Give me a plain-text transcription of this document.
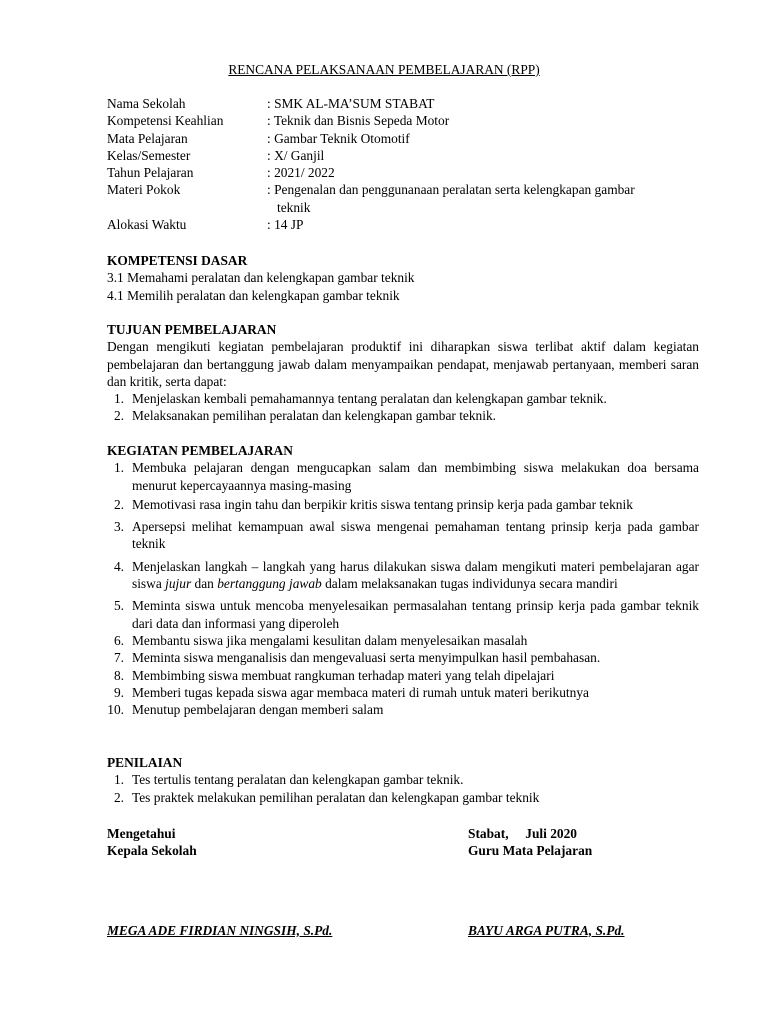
RENCANA PELAKSANAAN PEMBELAJARAN (RPP)
Nama Sekolah	: SMK AL-MA’SUM STABAT
Kompetensi Keahlian	: Teknik dan Bisnis Sepeda Motor
Mata Pelajaran	: Gambar Teknik Otomotif
Kelas/Semester	: X/ Ganjil
Tahun Pelajaran	: 2021/ 2022
Materi Pokok	: Pengenalan dan penggunanaan peralatan serta kelengkapan gambar
teknik
Alokasi Waktu	: 14 JP
KOMPETENSI DASAR
3.1 Memahami peralatan dan kelengkapan gambar teknik
4.1 Memilih peralatan dan kelengkapan gambar teknik
TUJUAN PEMBELAJARAN
Dengan mengikuti kegiatan pembelajaran produktif ini diharapkan siswa terlibat aktif dalam kegiatan pembelajaran dan bertanggung jawab dalam menyampaikan pendapat, menjawab pertanyaan, memberi saran dan kritik, serta dapat:
1. Menjelaskan kembali pemahamannya tentang peralatan dan kelengkapan gambar teknik.
2. Melaksanakan pemilihan peralatan dan kelengkapan gambar teknik.
KEGIATAN PEMBELAJARAN
1. Membuka pelajaran dengan mengucapkan salam dan membimbing siswa melakukan doa bersama menurut kepercayaannya masing-masing
2. Memotivasi rasa ingin tahu dan berpikir kritis siswa tentang prinsip kerja pada gambar teknik
3. Apersepsi melihat kemampuan awal siswa mengenai pemahaman tentang prinsip kerja pada gambar teknik
4. Menjelaskan langkah – langkah yang harus dilakukan siswa dalam mengikuti materi pembelajaran agar siswa jujur dan bertanggung jawab dalam melaksanakan tugas individunya secara mandiri
5. Meminta siswa untuk mencoba menyelesaikan permasalahan tentang prinsip kerja pada gambar teknik dari data dan informasi yang diperoleh
6. Membantu siswa jika mengalami kesulitan dalam menyelesaikan masalah
7. Meminta siswa menganalisis dan mengevaluasi serta menyimpulkan hasil pembahasan.
8. Membimbing siswa membuat rangkuman terhadap materi yang telah dipelajari
9. Memberi tugas kepada siswa agar membaca materi di rumah untuk materi berikutnya
10. Menutup pembelajaran dengan memberi salam
PENILAIAN
1. Tes tertulis tentang peralatan dan kelengkapan gambar teknik.
2. Tes praktek melakukan pemilihan peralatan dan kelengkapan gambar teknik
Mengetahui
Kepala Sekolah
MEGA ADE FIRDIAN NINGSIH, S.Pd.
Stabat,     Juli 2020
Guru Mata Pelajaran
BAYU ARGA PUTRA, S.Pd.
